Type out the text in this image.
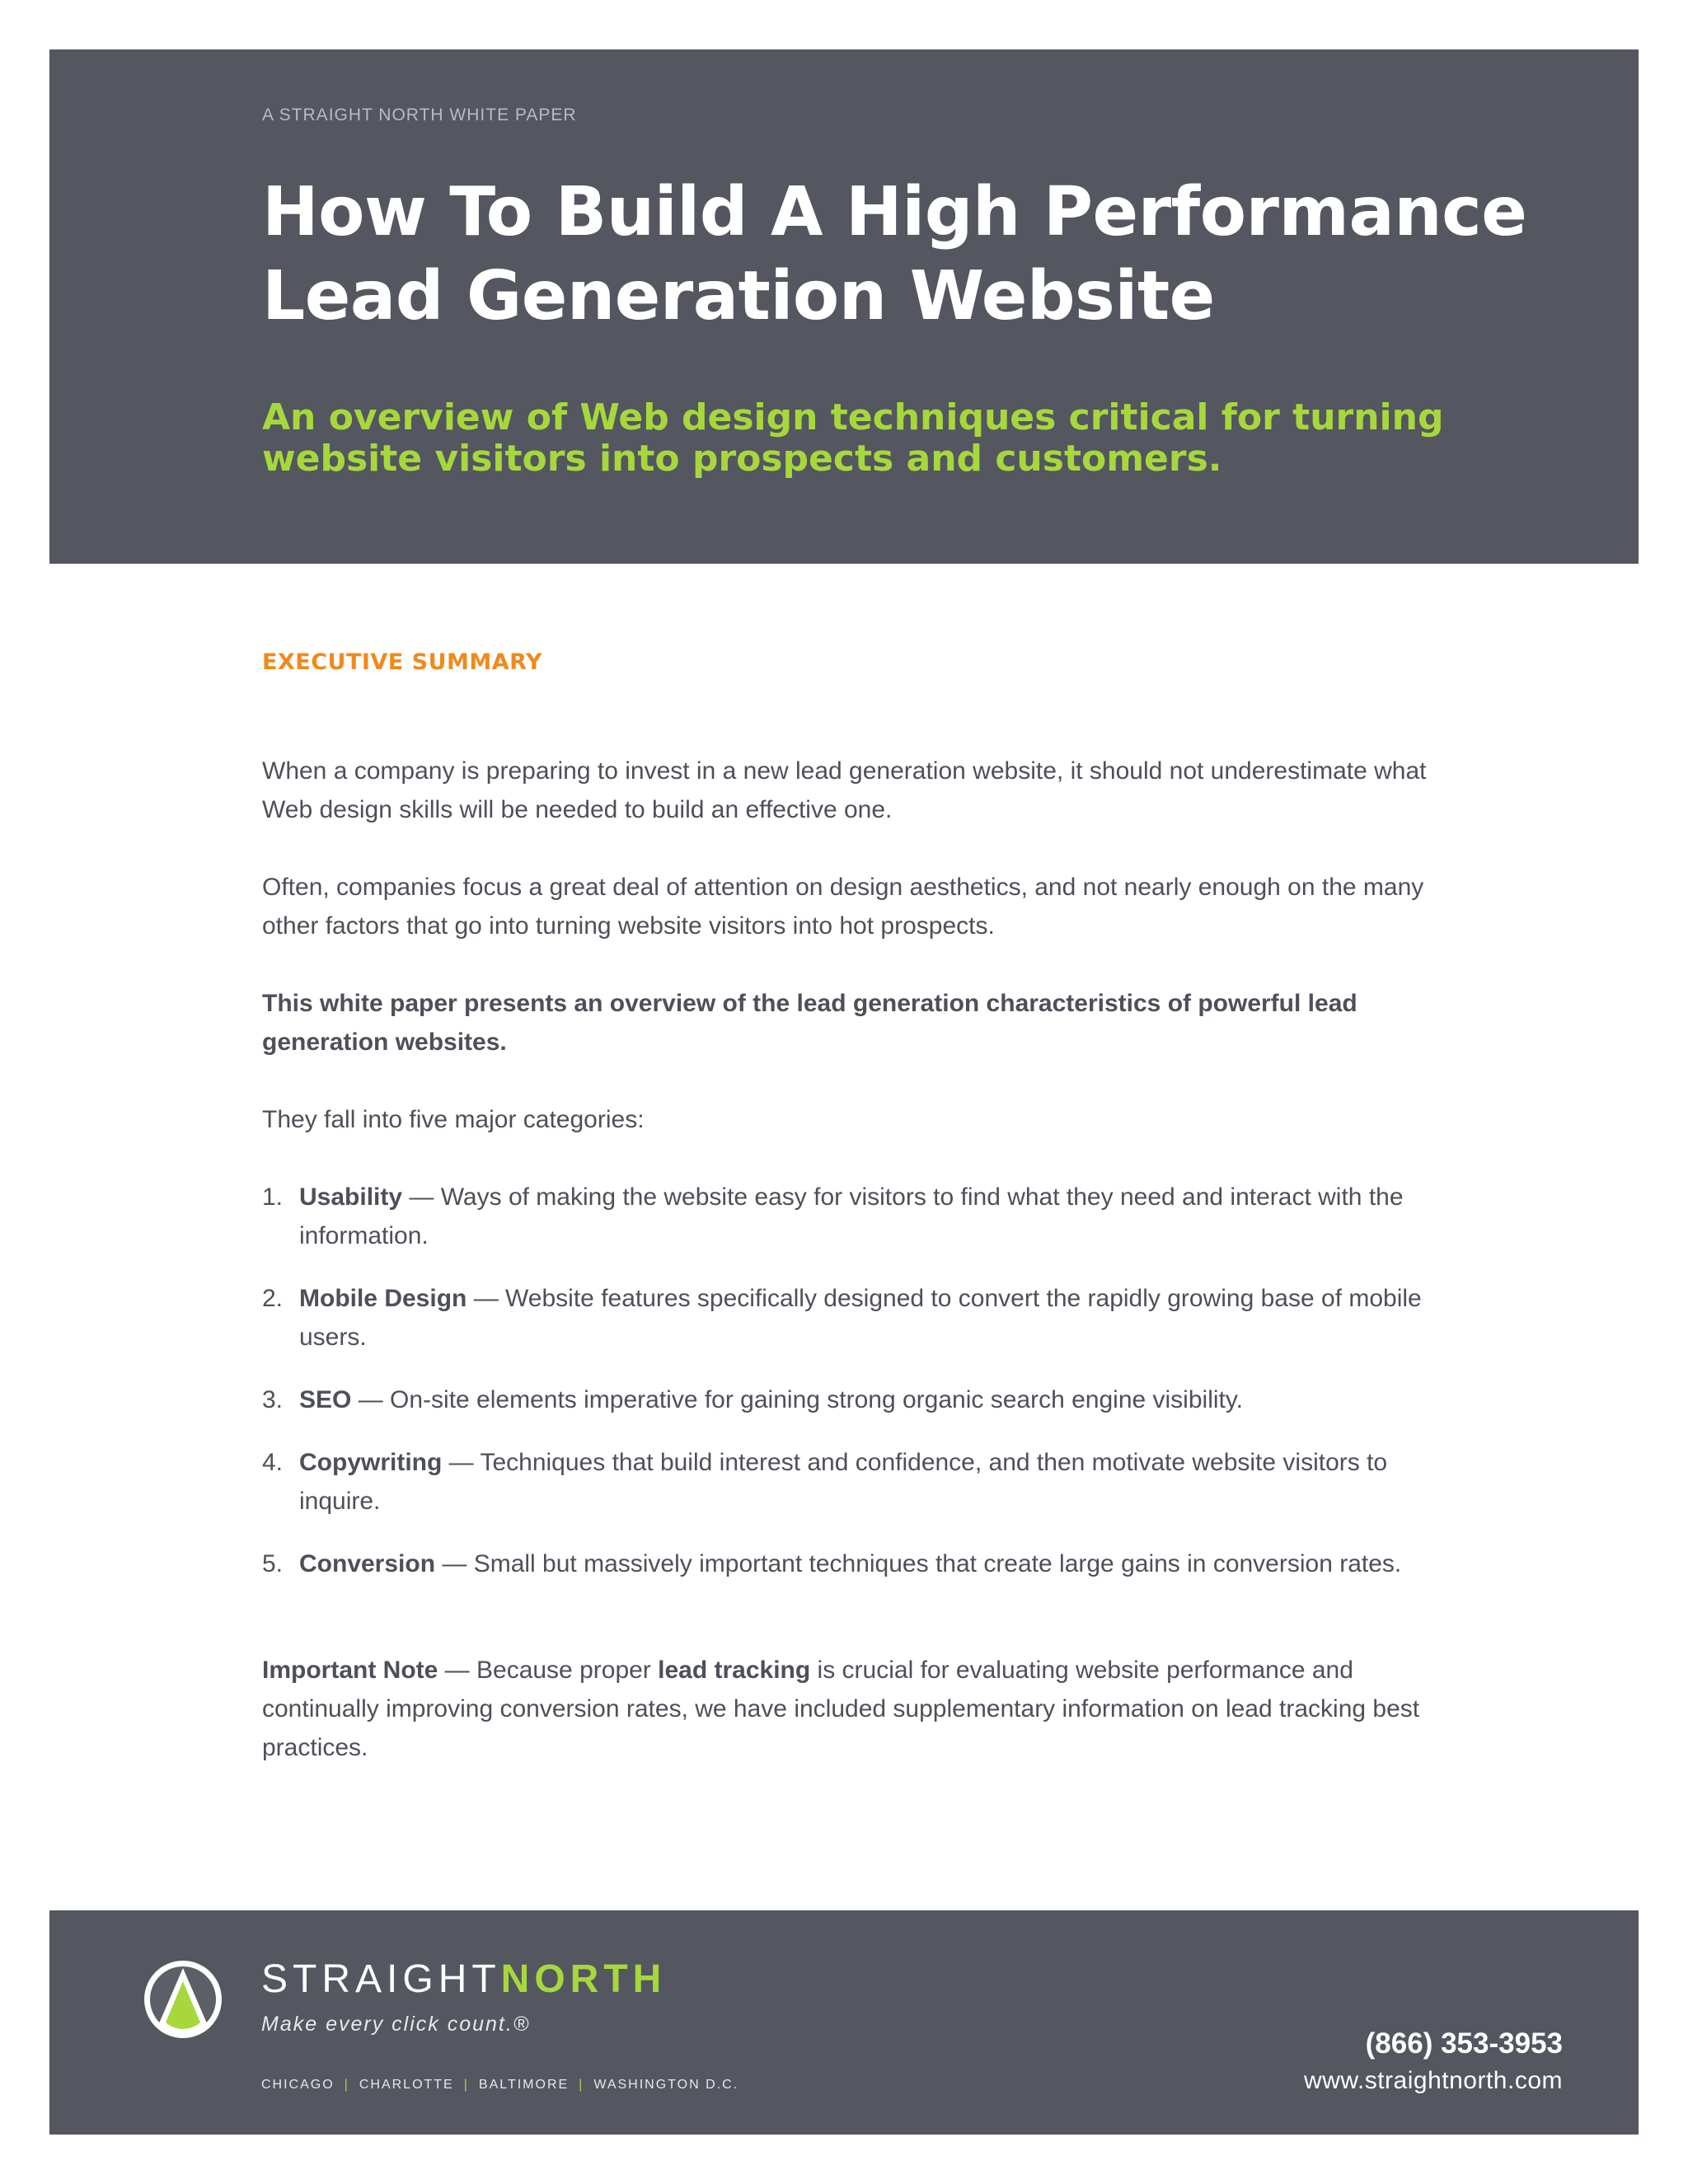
A STRAIGHT NORTH WHITE PAPER

How To Build A High Performance
Lead Generation Website
An overview of Web design techniques critical for turning
website visitors into prospects and customers.
EXECUTIVE SUMMARY

When a company is preparing to invest in a new lead generation website, it should not underestimate what Web design skills will be needed to build an effective one.

Often, companies focus a great deal of attention on design aesthetics, and not nearly enough on the many other factors that go into turning website visitors into hot prospects.

This white paper presents an overview of the lead generation characteristics of powerful lead generation websites.

They fall into five major categories:

1. Usability — Ways of making the website easy for visitors to find what they need and interact with the information.
2. Mobile Design — Website features specifically designed to convert the rapidly growing base of mobile users.
3. SEO — On-site elements imperative for gaining strong organic search engine visibility.
4. Copywriting — Techniques that build interest and confidence, and then motivate website visitors to inquire.
5. Conversion — Small but massively important techniques that create large gains in conversion rates.

Important Note — Because proper lead tracking is crucial for evaluating website performance and continually improving conversion rates, we have included supplementary information on lead tracking best practices.

STRAIGHTNORTH
Make every click count.®
CHICAGO | CHARLOTTE | BALTIMORE | WASHINGTON D.C.
(866) 353-3953
www.straightnorth.com
